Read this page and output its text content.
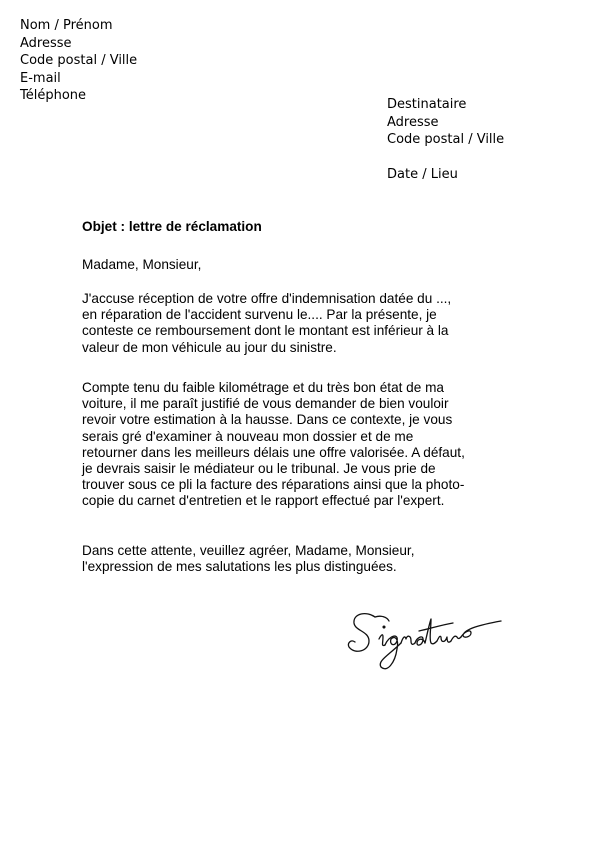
Nom / Prénom
Adresse
Code postal / Ville
E-mail
Téléphone
Destinataire
Adresse
Code postal / Ville
Date / Lieu
Objet : lettre de réclamation
Madame, Monsieur,
J'accuse réception de votre offre d'indemnisation datée du ...,
en réparation de l'accident survenu le.... Par la présente, je
conteste ce remboursement dont le montant est inférieur à la
valeur de mon véhicule au jour du sinistre.
Compte tenu du faible kilométrage et du très bon état de ma
voiture, il me paraît justifié de vous demander de bien vouloir
revoir votre estimation à la hausse. Dans ce contexte, je vous
serais gré d'examiner à nouveau mon dossier et de me
retourner dans les meilleurs délais une offre valorisée. A défaut,
je devrais saisir le médiateur ou le tribunal. Je vous prie de
trouver sous ce pli la facture des réparations ainsi que la photo-
copie du carnet d'entretien et le rapport effectué par l'expert.
Dans cette attente, veuillez agréer, Madame, Monsieur,
l'expression de mes salutations les plus distinguées.
